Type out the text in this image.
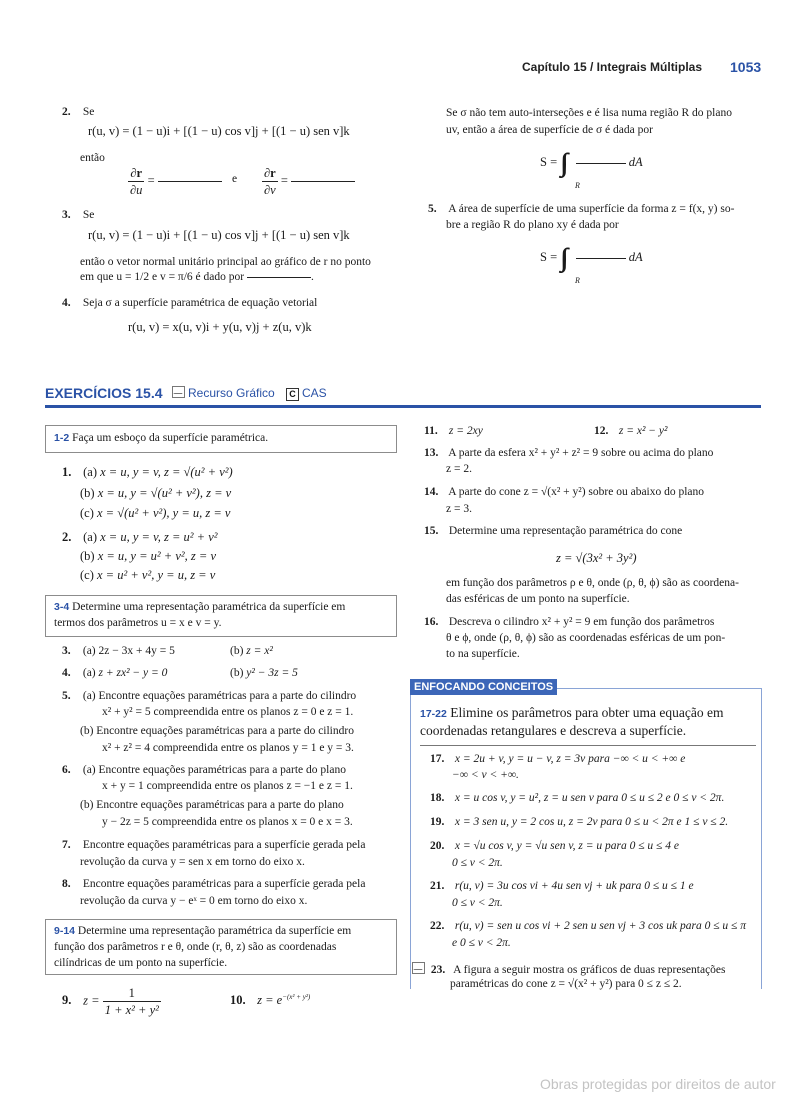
Capítulo 15 / Integrais Múltiplas 1053
2. Se
r(u, v) = (1 − u)i + [(1 − u) cos v]j + [(1 − u) sen v]k
então
$\frac{\partial r}{\partial u}$ =	e $\frac{\partial r}{\partial v}$ =
3. Se
r(u, v) = (1 − u)i + [(1 − u) cos v]j + [(1 − u) sen v]k
então o vetor normal unitário principal ao gráfico de r no ponto
em que u = 1/2 e v = π/6 é dado por	.
4. Seja σ a superfície paramétrica de equação vetorial
r(u, v) = x(u, v)i + y(u, v)j + z(u, v)k
Se σ não tem auto-interseções e é lisa numa região R do plano
uv, então a área de superfície de σ é dada por
S = ∫∫	dA
R
5. A área de superfície de uma superfície da forma z = f(x, y) so-
bre a região R do plano xy é dada por
S = ∫∫	dA
R
EXERCÍCIOS 15.4	Recurso Gráfico	C CAS
1-2 Faça um esboço da superfície paramétrica.
1. (a) x = u, y = v, z = √(u² + v²)
(b) x = u, y = √(u² + v²), z = v
(c) x = √(u² + v²), y = u, z = v
2. (a) x = u, y = v, z = u² + v²
(b) x = u, y = u² + v², z = v
(c) x = u² + v², y = u, z = v
3-4 Determine uma representação paramétrica da superfície em
termos dos parâmetros u = x e v = y.
3. (a) 2z − 3x + 4y = 5	(b) z = x²
4. (a) z + zx² − y = 0	(b) y² − 3z = 5
5. (a) Encontre equações paramétricas para a parte do cilindro
x² + y² = 5 compreendida entre os planos z = 0 e z = 1.
(b) Encontre equações paramétricas para a parte do cilindro
x² + z² = 4 compreendida entre os planos y = 1 e y = 3.
6. (a) Encontre equações paramétricas para a parte do plano
x + y = 1 compreendida entre os planos z = −1 e z = 1.
(b) Encontre equações paramétricas para a parte do plano
y − 2z = 5 compreendida entre os planos x = 0 e x = 3.
7. Encontre equações paramétricas para a superfície gerada pela
revolução da curva y = sen x em torno do eixo x.
8. Encontre equações paramétricas para a superfície gerada pela
revolução da curva y − eˣ = 0 em torno do eixo x.
9-14 Determine uma representação paramétrica da superfície em
função dos parâmetros r e θ, onde (r, θ, z) são as coordenadas
cilíndricas de um ponto na superfície.
9. $z = \frac{1}{\text{1 + x² + y²}}$	10. $z = e^{-(x^2 + y^2)}$
11. z = 2xy	12. z = x² − y²
13. A parte da esfera x² + y² + z² = 9 sobre ou acima do plano
z = 2.
14. A parte do cone z = √(x² + y²) sobre ou abaixo do plano
z = 3.
15. Determine uma representação paramétrica do cone
z = √(3x² + 3y²)
em função dos parâmetros ρ e θ, onde (ρ, θ, ϕ) são as coordena-
das esféricas de um ponto na superfície.
16. Descreva o cilindro x² + y² = 9 em função dos parâmetros
θ e ϕ, onde (ρ, θ, ϕ) são as coordenadas esféricas de um pon-
to na superfície.
ENFOCANDO CONCEITOS
17-22 Elimine os parâmetros para obter uma equação em
coordenadas retangulares e descreva a superfície.
17. x = 2u + v, y = u − v, z = 3v para −∞ < u < +∞ e
−∞ < v < +∞.
18. x = u cos v, y = u², z = u sen v para 0 ≤ u ≤ 2 e 0 ≤ v < 2π.
19. x = 3 sen u, y = 2 cos u, z = 2v para 0 ≤ u < 2π e 1 ≤ v ≤ 2.
20. x = √u cos v, y = √u sen v, z = u para 0 ≤ u ≤ 4 e
0 ≤ v < 2π.
21. r(u, v) = 3u cos vi + 4u sen vj + uk para 0 ≤ u ≤ 1 e
0 ≤ v < 2π.
22. r(u, v) = sen u cos vi + 2 sen u sen vj + 3 cos uk para 0 ≤ u ≤ π
e 0 ≤ v < 2π.
23. A figura a seguir mostra os gráficos de duas representações
paramétricas do cone z = √(x² + y²) para 0 ≤ z ≤ 2.
Obras protegidas por direitos de autor
